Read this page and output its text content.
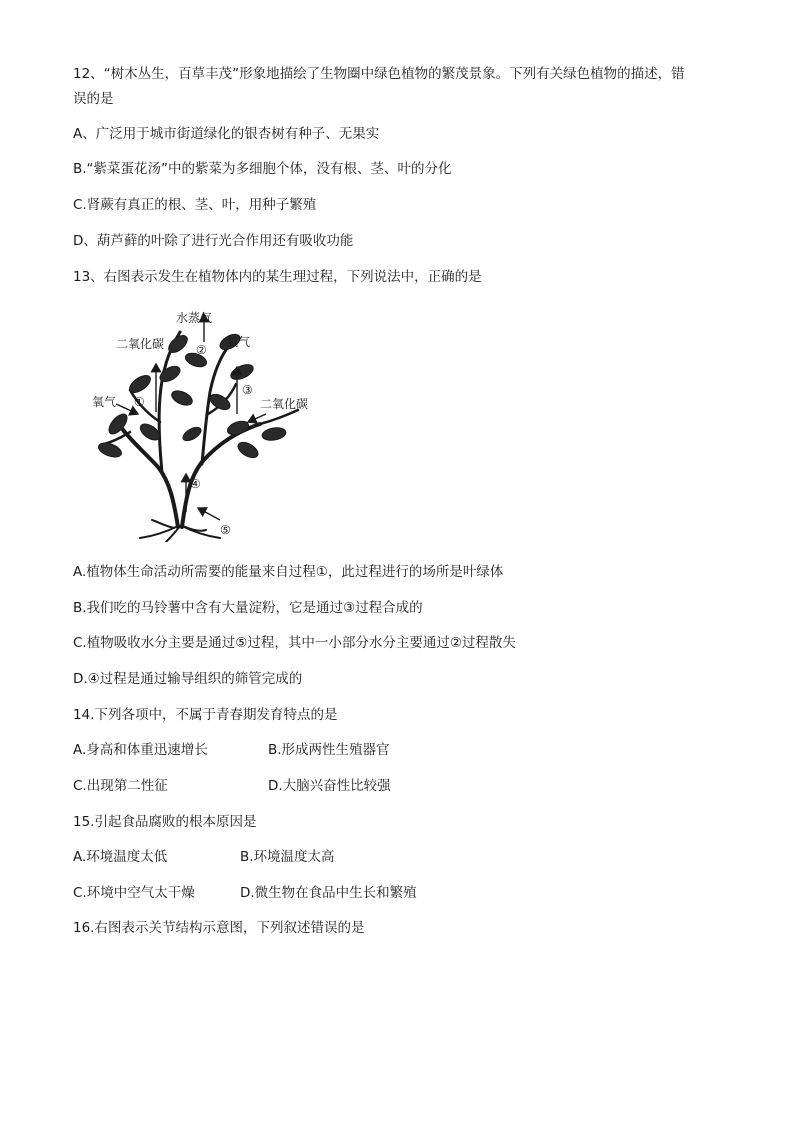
12、“树木丛生，百草丰茂”形象地描绘了生物圈中绿色植物的繁茂景象。下列有关绿色植物的描述，错
误的是
A、广泛用于城市街道绿化的银杏树有种子、无果实
B.“紫菜蛋花汤”中的紫菜为多细胞个体，没有根、茎、叶的分化
C.肾蕨有真正的根、茎、叶，用种子繁殖
D、葫芦藓的叶除了进行光合作用还有吸收功能
13、右图表示发生在植物体内的某生理过程，下列说法中，正确的是
水蒸气
二氧化碳	氧气
氧气	二氧化碳
①
②
③
④
⑤
A.植物体生命活动所需要的能量来自过程①，此过程进行的场所是叶绿体
B.我们吃的马铃薯中含有大量淀粉，它是通过③过程合成的
C.植物吸收水分主要是通过⑤过程，其中一小部分水分主要通过②过程散失
D.④过程是通过输导组织的筛管完成的
14.下列各项中，不属于青春期发育特点的是
A.身高和体重迅速增长	B.形成两性生殖器官
C.出现第二性征	D.大脑兴奋性比较强
15.引起食品腐败的根本原因是
A.环境温度太低	B.环境温度太高
C.环境中空气太干燥	D.微生物在食品中生长和繁殖
16.右图表示关节结构示意图，下列叙述错误的是
